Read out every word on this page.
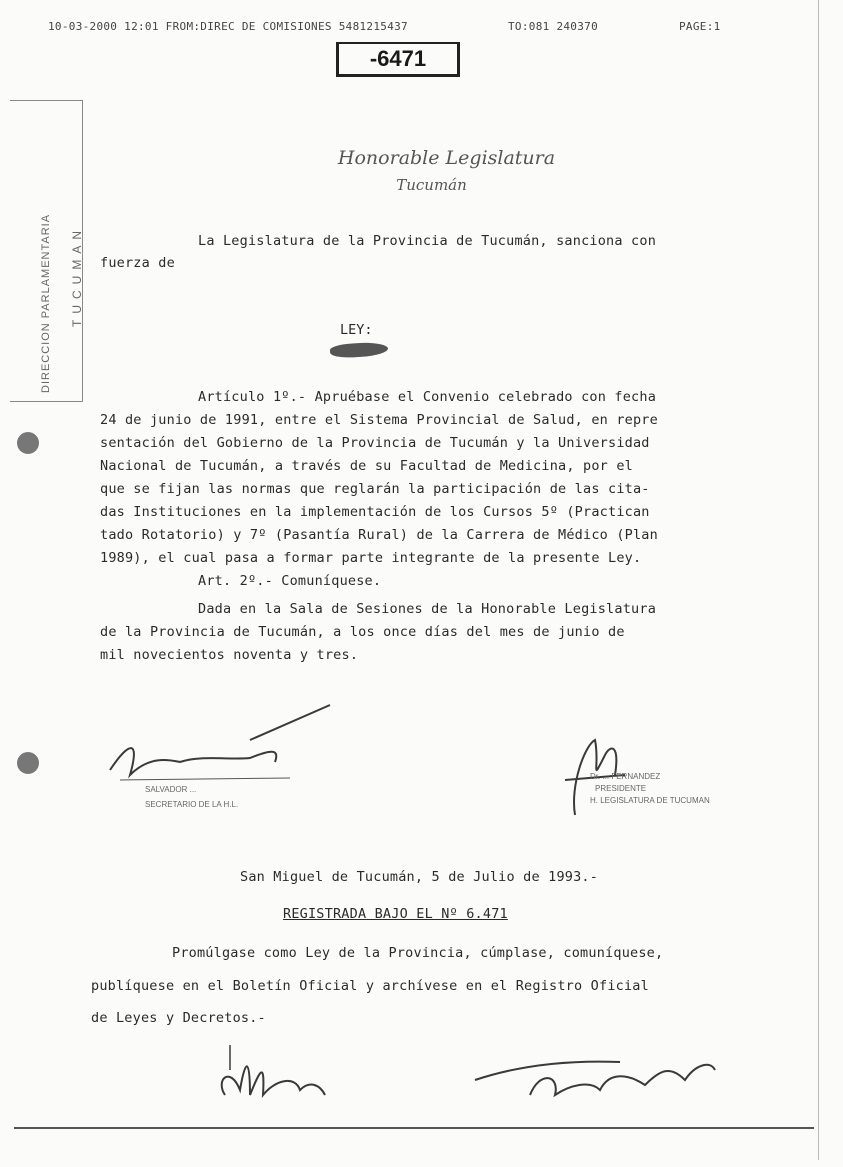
10-03-2000 12:01 FROM:DIREC DE COMISIONES 5481215437	TO:081 240370	PAGE:1
-6471
DIRECCION PARLAMENTARIA TUCUMAN
Honorable Legislatura
Tucumán
La Legislatura de la Provincia de Tucumán, sanciona con
fuerza de
LEY:
Artículo 1º.- Apruébase el Convenio celebrado con fecha
24 de junio de 1991, entre el Sistema Provincial de Salud, en repre
sentación del Gobierno de la Provincia de Tucumán y la Universidad
Nacional de Tucumán, a través de su Facultad de Medicina, por el
que se fijan las normas que reglarán la participación de las cita-
das Instituciones en la implementación de los Cursos 5º (Practican
tado Rotatorio) y 7º (Pasantía Rural) de la Carrera de Médico (Plan
1989), el cual pasa a formar parte integrante de la presente Ley.
Art. 2º.- Comuníquese.
Dada en la Sala de Sesiones de la Honorable Legislatura
de la Provincia de Tucumán, a los once días del mes de junio de
mil novecientos noventa y tres.
SALVADOR ...
SECRETARIO DE LA H.L.
Dr. ... FERNANDEZ
PRESIDENTE
H. LEGISLATURA DE TUCUMAN
San Miguel de Tucumán, 5 de Julio de 1993.-
REGISTRADA BAJO EL Nº 6.471
Promúlgase como Ley de la Provincia, cúmplase, comuníquese,
publíquese en el Boletín Oficial y archívese en el Registro Oficial
de Leyes y Decretos.-
